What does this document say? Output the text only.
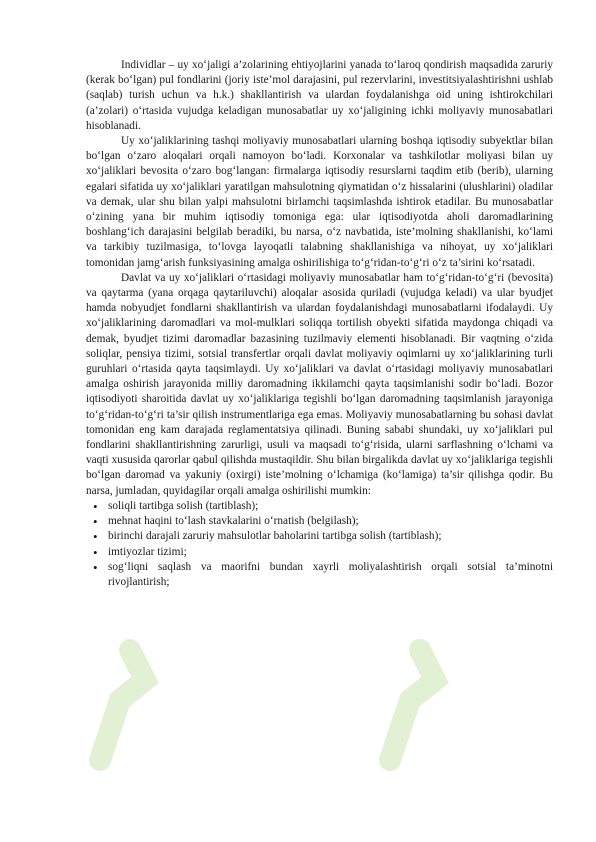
Individlar – uy xo‘jaligi a’zolarining ehtiyojlarini yanada to‘laroq qondirish maqsadida zaruriy (kerak bo‘lgan) pul fondlarini (joriy iste’mol darajasini, pul rezervlarini, investitsiyalashtirishni ushlab (saqlab) turish uchun va h.k.) shakllantirish va ulardan foydalanishga oid uning ishtirokchilari (a’zolari) o‘rtasida vujudga keladigan munosabatlar uy xo‘jaligining ichki moliyaviy munosabatlari hisoblanadi.

Uy xo‘jaliklarining tashqi moliyaviy munosabatlari ularning boshqa iqtisodiy subyektlar bilan bo‘lgan o‘zaro aloqalari orqali namoyon bo‘ladi. Korxonalar va tashkilotlar moliyasi bilan uy xo‘jaliklari bevosita o‘zaro bog‘langan: firmalarga iqtisodiy resurslarni taqdim etib (berib), ularning egalari sifatida uy xo‘jaliklari yaratilgan mahsulotning qiymatidan o‘z hissalarini (ulushlarini) oladilar va demak, ular shu bilan yalpi mahsulotni birlamchi taqsimlashda ishtirok etadilar. Bu munosabatlar o‘zining yana bir muhim iqtisodiy tomoniga ega: ular iqtisodiyotda aholi daromadlarining boshlang‘ich darajasini belgilab beradiki, bu narsa, o‘z navbatida, iste’molning shakllanishi, ko‘lami va tarkibiy tuzilmasiga, to‘lovga layoqatli talabning shakllanishiga va nihoyat, uy xo‘jaliklari tomonidan jamg‘arish funksiyasining amalga oshirilishiga to‘g‘ridan-to‘g‘ri o‘z ta’sirini ko‘rsatadi.

Davlat va uy xo‘jaliklari o‘rtasidagi moliyaviy munosabatlar ham to‘g‘ridan-to‘g‘ri (bevosita) va qaytarma (yana orqaga qaytariluvchi) aloqalar asosida quriladi (vujudga keladi) va ular byudjet hamda nobyudjet fondlarni shakllantirish va ulardan foydalanishdagi munosabatlarni ifodalaydi. Uy xo‘jaliklarining daromadlari va mol-mulklari soliqqa tortilish obyekti sifatida maydonga chiqadi va demak, byudjet tizimi daromadlar bazasining tuzilmaviy elementi hisoblanadi. Bir vaqtning o‘zida soliqlar, pensiya tizimi, sotsial transfertlar orqali davlat moliyaviy oqimlarni uy xo‘jaliklarining turli guruhlari o‘rtasida qayta taqsimlaydi. Uy xo‘jaliklari va davlat o‘rtasidagi moliyaviy munosabatlari amalga oshirish jarayonida milliy daromadning ikkilamchi qayta taqsimlanishi sodir bo‘ladi. Bozor iqtisodiyoti sharoitida davlat uy xo‘jaliklariga tegishli bo‘lgan daromadning taqsimlanish jarayoniga to‘g‘ridan-to‘g‘ri ta’sir qilish instrumentlariga ega emas. Moliyaviy munosabatlarning bu sohasi davlat tomonidan eng kam darajada reglamentatsiya qilinadi. Buning sababi shundaki, uy xo‘jaliklari pul fondlarini shakllantirishning zarurligi, usuli va maqsadi to‘g‘risida, ularni sarflashning o‘lchami va vaqti xususida qarorlar qabul qilishda mustaqildir. Shu bilan birgalikda davlat uy xo‘jaliklariga tegishli bo‘lgan daromad va yakuniy (oxirgi) iste’molning o‘lchamiga (ko‘lamiga) ta’sir qilishga qodir. Bu narsa, jumladan, quyidagilar orqali amalga oshirilishi mumkin:

• soliqli tartibga solish (tartiblash);
• mehnat haqini to‘lash stavkalarini o‘rnatish (belgilash);
• birinchi darajali zaruriy mahsulotlar baholarini tartibga solish (tartiblash);
• imtiyozlar tizimi;
• sog‘liqni saqlash va maorifni bundan xayrli moliyalashtirish orqali sotsial ta’minotni rivojlantirish;
